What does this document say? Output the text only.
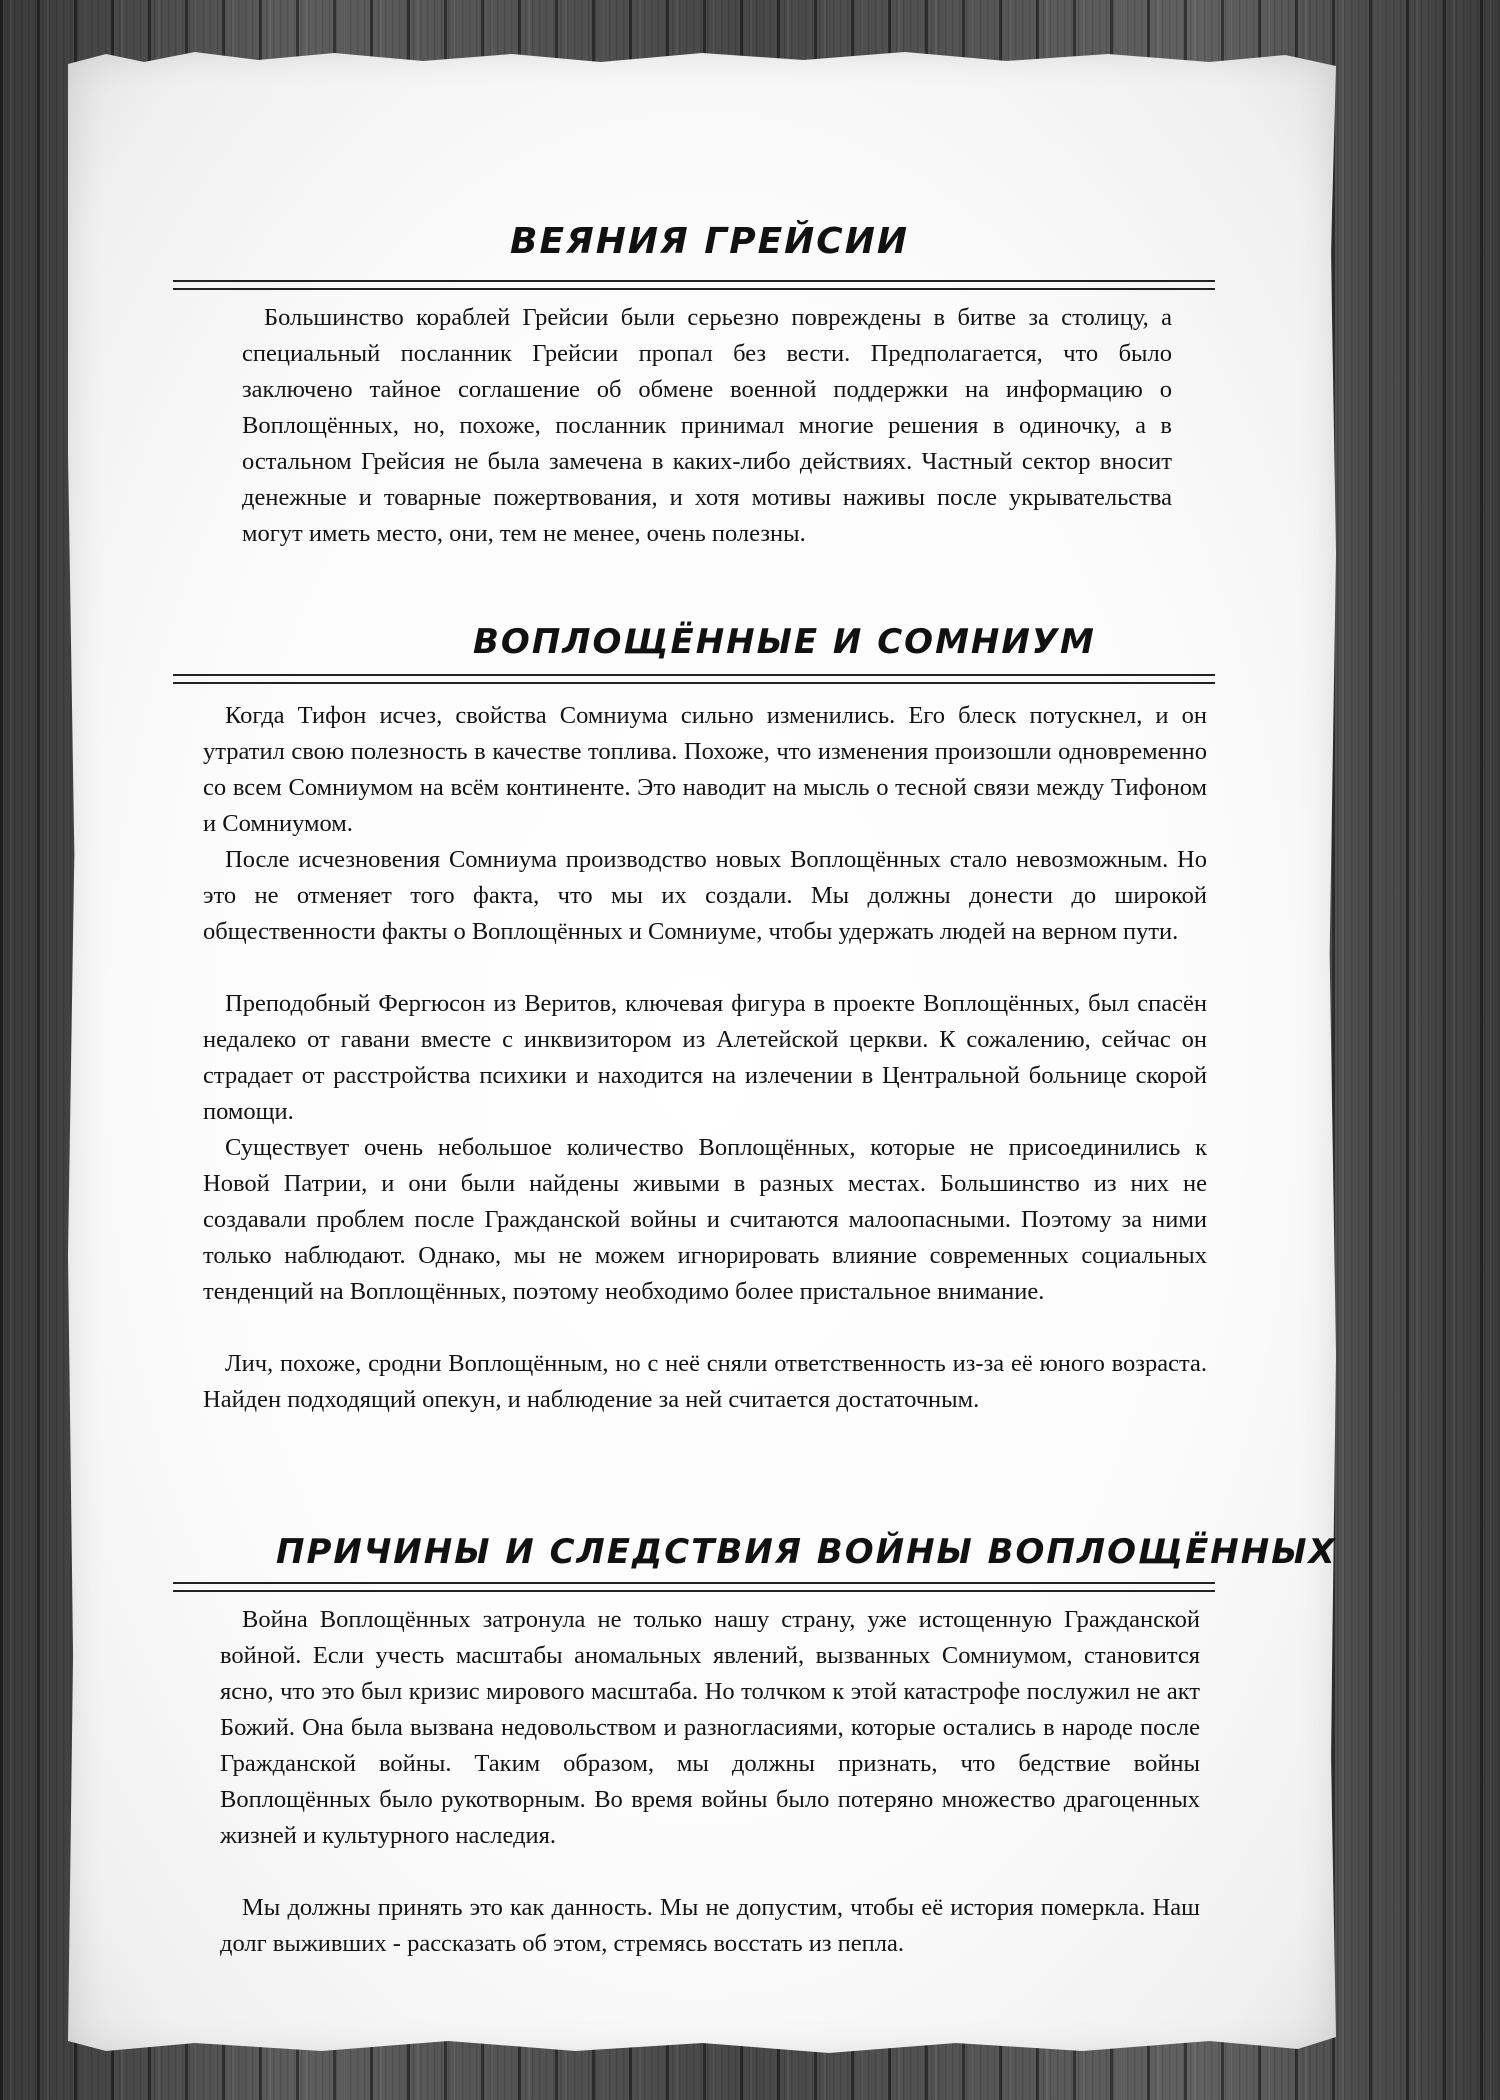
ВЕЯНИЯ ГРЕЙСИИ

Большинство кораблей Грейсии были серьезно повреждены в битве за столицу, а специальный посланник Грейсии пропал без вести. Предполагается, что было заключено тайное соглашение об обмене военной поддержки на информацию о Воплощённых, но, похоже, посланник принимал многие решения в одиночку, а в остальном Грейсия не была замечена в каких-либо действиях. Частный сектор вносит денежные и товарные пожертвования, и хотя мотивы наживы после укрывательства могут иметь место, они, тем не менее, очень полезны.

ВОПЛОЩЁННЫЕ И СОМНИУМ

Когда Тифон исчез, свойства Сомниума сильно изменились. Его блеск потускнел, и он утратил свою полезность в качестве топлива. Похоже, что изменения произошли одновременно со всем Сомниумом на всём континенте. Это наводит на мысль о тесной связи между Тифоном и Сомниумом.

После исчезновения Сомниума производство новых Воплощённых стало невозможным. Но это не отменяет того факта, что мы их создали. Мы должны донести до широкой общественности факты о Воплощённых и Сомниуме, чтобы удержать людей на верном пути.

Преподобный Фергюсон из Веритов, ключевая фигура в проекте Воплощённых, был спасён недалеко от гавани вместе с инквизитором из Алетейской церкви. К сожалению, сейчас он страдает от расстройства психики и находится на излечении в Центральной больнице скорой помощи.

Существует очень небольшое количество Воплощённых, которые не присоединились к Новой Патрии, и они были найдены живыми в разных местах. Большинство из них не создавали проблем после Гражданской войны и считаются малоопасными. Поэтому за ними только наблюдают. Однако, мы не можем игнорировать влияние современных социальных тенденций на Воплощённых, поэтому необходимо более пристальное внимание.

Лич, похоже, сродни Воплощённым, но с неё сняли ответственность из-за её юного возраста. Найден подходящий опекун, и наблюдение за ней считается достаточным.

ПРИЧИНЫ И СЛЕДСТВИЯ ВОЙНЫ ВОПЛОЩЁННЫХ

Война Воплощённых затронула не только нашу страну, уже истощенную Гражданской войной. Если учесть масштабы аномальных явлений, вызванных Сомниумом, становится ясно, что это был кризис мирового масштаба. Но толчком к этой катастрофе послужил не акт Божий. Она была вызвана недовольством и разногласиями, которые остались в народе после Гражданской войны. Таким образом, мы должны признать, что бедствие войны Воплощённых было рукотворным. Во время войны было потеряно множество драгоценных жизней и культурного наследия.

Мы должны принять это как данность. Мы не допустим, чтобы её история померкла. Наш долг выживших - рассказать об этом, стремясь восстать из пепла.
